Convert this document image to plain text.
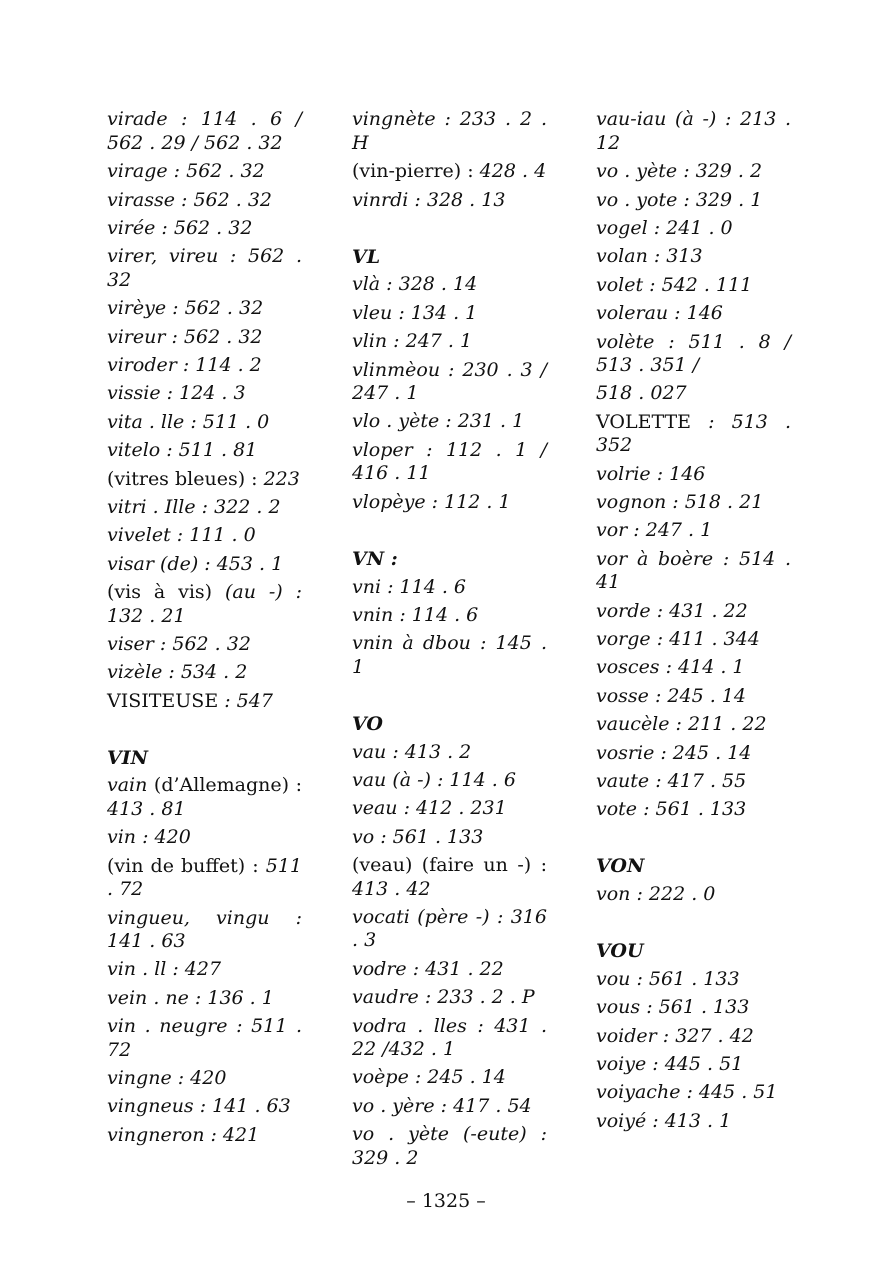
virade : 114 . 6 / 562 . 29 / 562 . 32
virage : 562 . 32
virasse : 562 . 32
virée : 562 . 32
virer, vireu : 562 . 32
virèye : 562 . 32
vireur : 562 . 32
viroder : 114 . 2
vissie : 124 . 3
vita . lle : 511 . 0
vitelo : 511 . 81
(vitres bleues) : 223
vitri . Ille : 322 . 2
vivelet : 111 . 0
visar (de) : 453 . 1
(vis à vis) (au -) : 132 . 21
viser : 562 . 32
vizèle : 534 . 2
VISITEUSE : 547
VIN
vain (d’Allemagne) : 413 . 81
vin : 420
(vin de buffet) : 511 . 72
vingueu, vingu : 141 . 63
vin . ll : 427
vein . ne : 136 . 1
vin . neugre : 511 . 72
vingne : 420
vingneus : 141 . 63
vingneron : 421
vingnète : 233 . 2 . H
(vin-pierre) : 428 . 4
vinrdi : 328 . 13
VL
vlà : 328 . 14
vleu : 134 . 1
vlin : 247 . 1
vlinmèou : 230 . 3 / 247 . 1
vlo . yète : 231 . 1
vloper : 112 . 1 / 416 . 11
vlopèye : 112 . 1
VN :
vni : 114 . 6
vnin : 114 . 6
vnin à dbou : 145 . 1
VO
vau : 413 . 2
vau (à -) : 114 . 6
veau : 412 . 231
vo : 561 . 133
(veau) (faire un -) : 413 . 42
vocati (père -) : 316 . 3
vodre : 431 . 22
vaudre : 233 . 2 . P
vodra . lles : 431 . 22 /432 . 1
voèpe : 245 . 14
vo . yère : 417 . 54
vo . yète (-eute) : 329 . 2
vau-iau (à -) : 213 . 12
vo . yète : 329 . 2
vo . yote : 329 . 1
vogel : 241 . 0
volan : 313
volet : 542 . 111
volerau : 146
volète : 511 . 8 / 513 . 351 /
518 . 027
VOLETTE : 513 . 352
volrie : 146
vognon : 518 . 21
vor : 247 . 1
vor à boère : 514 . 41
vorde : 431 . 22
vorge : 411 . 344
vosces : 414 . 1
vosse : 245 . 14
vaucèle : 211 . 22
vosrie : 245 . 14
vaute : 417 . 55
vote : 561 . 133
VON
von : 222 . 0
VOU
vou : 561 . 133
vous : 561 . 133
voider : 327 . 42
voiye : 445 . 51
voiyache : 445 . 51
voiyé : 413 . 1
– 1325 –
